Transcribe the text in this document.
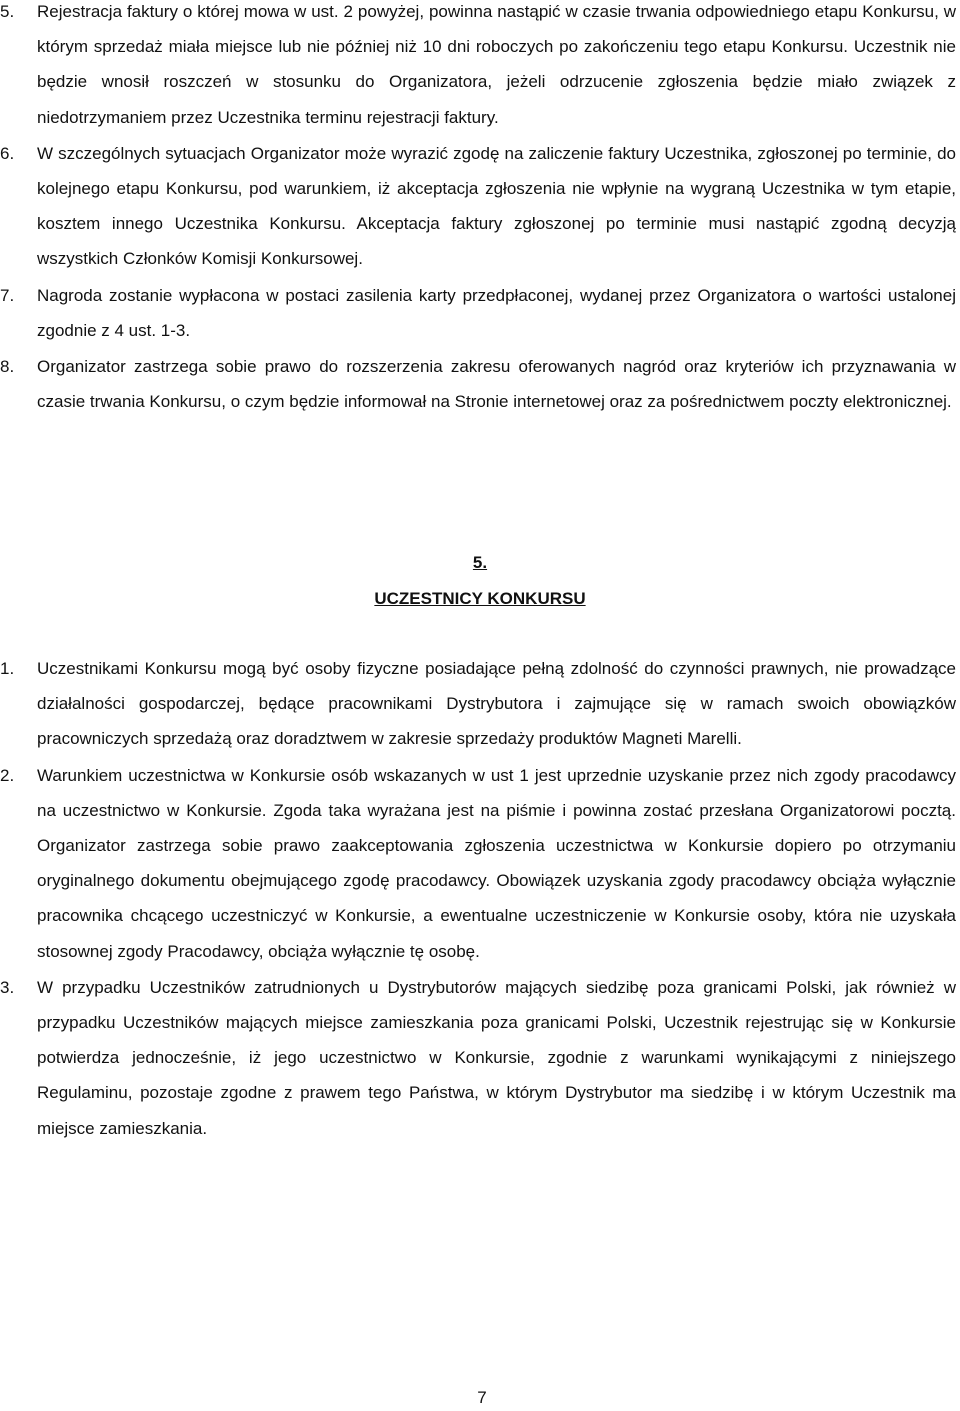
5. Rejestracja faktury o której mowa w ust. 2 powyżej, powinna nastąpić w czasie trwania odpowiedniego etapu Konkursu, w którym sprzedaż miała miejsce lub nie później niż 10 dni roboczych po zakończeniu tego etapu Konkursu. Uczestnik nie będzie wnosił roszczeń w stosunku do Organizatora, jeżeli odrzucenie zgłoszenia będzie miało związek z niedotrzymaniem przez Uczestnika terminu rejestracji faktury.
6. W szczególnych sytuacjach Organizator może wyrazić zgodę na zaliczenie faktury Uczestnika, zgłoszonej po terminie, do kolejnego etapu Konkursu, pod warunkiem, iż akceptacja zgłoszenia nie wpłynie na wygraną Uczestnika w tym etapie, kosztem innego Uczestnika Konkursu. Akceptacja faktury zgłoszonej po terminie musi nastąpić zgodną decyzją wszystkich Członków Komisji Konkursowej.
7. Nagroda zostanie wypłacona w postaci zasilenia karty przedpłaconej, wydanej przez Organizatora o wartości ustalonej zgodnie z 4 ust. 1-3.
8. Organizator zastrzega sobie prawo do rozszerzenia zakresu oferowanych nagród oraz kryteriów ich przyznawania w czasie trwania Konkursu, o czym będzie informował na Stronie internetowej oraz za pośrednictwem poczty elektronicznej.
5.
UCZESTNICY KONKURSU
1. Uczestnikami Konkursu mogą być osoby fizyczne posiadające pełną zdolność do czynności prawnych, nie prowadzące działalności gospodarczej, będące pracownikami Dystrybutora i zajmujące się w ramach swoich obowiązków pracowniczych sprzedażą oraz doradztwem w zakresie sprzedaży produktów Magneti Marelli.
2. Warunkiem uczestnictwa w Konkursie osób wskazanych w ust 1 jest uprzednie uzyskanie przez nich zgody pracodawcy na uczestnictwo w Konkursie. Zgoda taka wyrażana jest na piśmie i powinna zostać przesłana Organizatorowi pocztą. Organizator zastrzega sobie prawo zaakceptowania zgłoszenia uczestnictwa w Konkursie dopiero po otrzymaniu oryginalnego dokumentu obejmującego zgodę pracodawcy. Obowiązek uzyskania zgody pracodawcy obciąża wyłącznie pracownika chcącego uczestniczyć w Konkursie, a ewentualne uczestniczenie w Konkursie osoby, która nie uzyskała stosownej zgody Pracodawcy, obciąża wyłącznie tę osobę.
3. W przypadku Uczestników zatrudnionych u Dystrybutorów mających siedzibę poza granicami Polski, jak również w przypadku Uczestników mających miejsce zamieszkania poza granicami Polski, Uczestnik rejestrując się w Konkursie potwierdza jednocześnie, iż jego uczestnictwo w Konkursie, zgodnie z warunkami wynikającymi z niniejszego Regulaminu, pozostaje zgodne z prawem tego Państwa, w którym Dystrybutor ma siedzibę i w którym Uczestnik ma miejsce zamieszkania.
7
